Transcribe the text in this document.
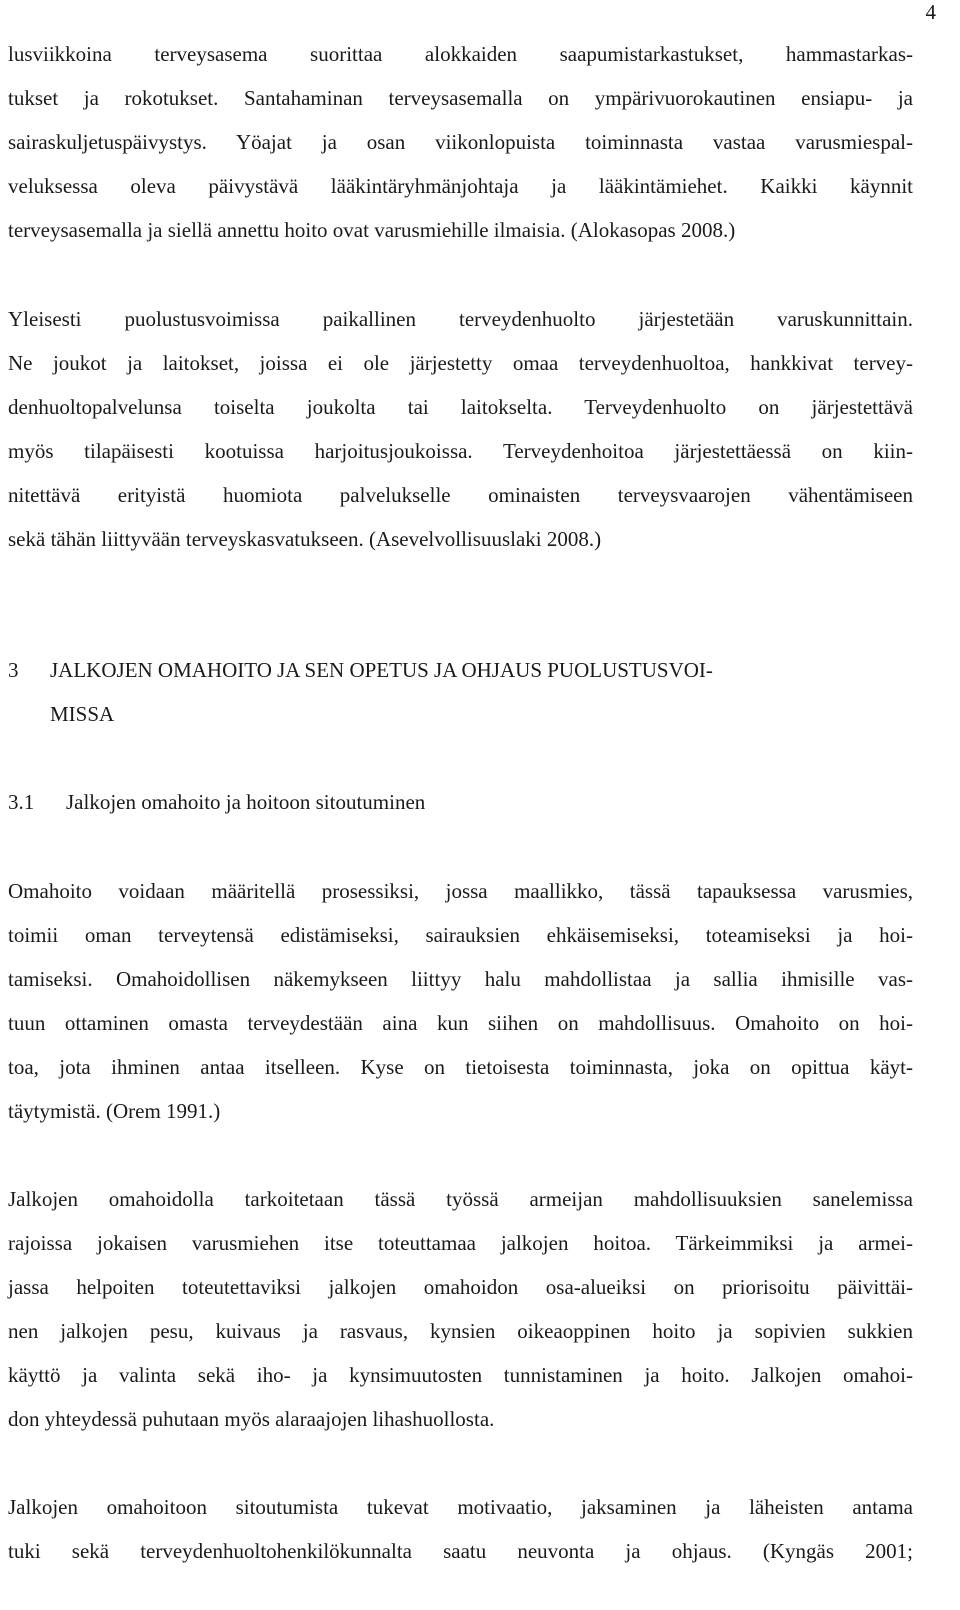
4
lusviikkoina terveysasema suorittaa alokkaiden saapumistarkastukset, hammastarkas-
tukset ja rokotukset. Santahaminan terveysasemalla on ympärivuorokautinen ensiapu- ja
sairaskuljetuspäivystys. Yöajat ja osan viikonlopuista toiminnasta vastaa varusmiespal-
veluksessa oleva päivystävä lääkintäryhmänjohtaja ja lääkintämiehet. Kaikki käynnit
terveysasemalla ja siellä annettu hoito ovat varusmiehille ilmaisia. (Alokasopas 2008.)
Yleisesti puolustusvoimissa paikallinen terveydenhuolto järjestetään varuskunnittain.
Ne joukot ja laitokset, joissa ei ole järjestetty omaa terveydenhuoltoa, hankkivat tervey-
denhuoltopalvelunsa toiselta joukolta tai laitokselta. Terveydenhuolto on järjestettävä
myös tilapäisesti kootuissa harjoitusjoukoissa. Terveydenhoitoa järjestettäessä on kiin-
nitettävä erityistä huomiota palvelukselle ominaisten terveysvaarojen vähentämiseen
sekä tähän liittyvään terveyskasvatukseen. (Asevelvollisuuslaki 2008.)
3 JALKOJEN OMAHOITO JA SEN OPETUS JA OHJAUS PUOLUSTUSVOI-
MISSA
3.1 Jalkojen omahoito ja hoitoon sitoutuminen
Omahoito voidaan määritellä prosessiksi, jossa maallikko, tässä tapauksessa varusmies,
toimii oman terveytensä edistämiseksi, sairauksien ehkäisemiseksi, toteamiseksi ja hoi-
tamiseksi. Omahoidollisen näkemykseen liittyy halu mahdollistaa ja sallia ihmisille vas-
tuun ottaminen omasta terveydestään aina kun siihen on mahdollisuus. Omahoito on hoi-
toa, jota ihminen antaa itselleen. Kyse on tietoisesta toiminnasta, joka on opittua käyt-
täytymistä. (Orem 1991.)
Jalkojen omahoidolla tarkoitetaan tässä työssä armeijan mahdollisuuksien sanelemissa
rajoissa jokaisen varusmiehen itse toteuttamaa jalkojen hoitoa. Tärkeimmiksi ja armei-
jassa helpoiten toteutettaviksi jalkojen omahoidon osa-alueiksi on priorisoitu päivittäi-
nen jalkojen pesu, kuivaus ja rasvaus, kynsien oikeaoppinen hoito ja sopivien sukkien
käyttö ja valinta sekä iho- ja kynsimuutosten tunnistaminen ja hoito. Jalkojen omahoi-
don yhteydessä puhutaan myös alaraajojen lihashuollosta.
Jalkojen omahoitoon sitoutumista tukevat motivaatio, jaksaminen ja läheisten antama
tuki sekä terveydenhuoltohenkilökunnalta saatu neuvonta ja ohjaus. (Kyngäs 2001;
